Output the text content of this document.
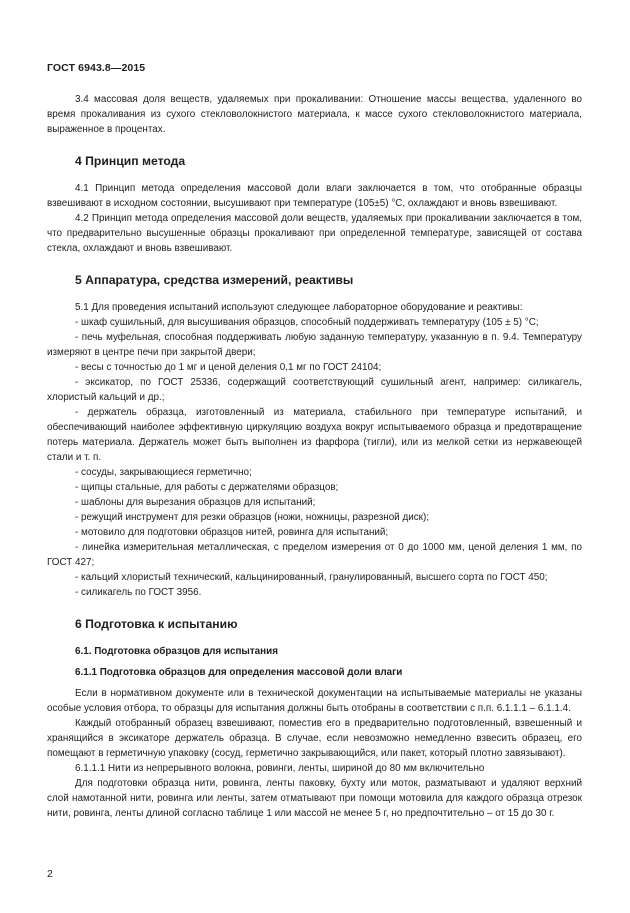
ГОСТ 6943.8—2015

3.4 массовая доля веществ, удаляемых при прокаливании: Отношение массы вещества, удаленного во время прокаливания из сухого стекловолокнистого материала, к массе сухого стекловолокнистого материала, выраженное в процентах.

4 Принцип метода

4.1 Принцип метода определения массовой доли влаги заключается в том, что отобранные образцы взвешивают в исходном состоянии, высушивают при температуре (105±5) °С, охлаждают и вновь взвешивают.

4.2 Принцип метода определения массовой доли веществ, удаляемых при прокаливании заключается в том, что предварительно высушенные образцы прокаливают при определенной температуре, зависящей от состава стекла, охлаждают и вновь взвешивают.

5 Аппаратура, средства измерений, реактивы

5.1 Для проведения испытаний используют следующее лабораторное оборудование и реактивы:

- шкаф сушильный, для высушивания образцов, способный поддерживать температуру (105 ± 5) °С;

- печь муфельная, способная поддерживать любую заданную температуру, указанную в п. 9.4. Температуру измеряют в центре печи при закрытой двери;

- весы с точностью до 1 мг и ценой деления 0,1 мг по ГОСТ 24104;

- эксикатор, по ГОСТ 25336, содержащий соответствующий сушильный агент, например: силикагель, хлористый кальций и др.;

- держатель образца, изготовленный из материала, стабильного при температуре испытаний, и обеспечивающий наиболее эффективную циркуляцию воздуха вокруг испытываемого образца и предотвращение потерь материала. Держатель может быть выполнен из фарфора (тигли), или из мелкой сетки из нержавеющей стали и т. п.

- сосуды, закрывающиеся герметично;

- щипцы стальные, для работы с держателями образцов;

- шаблоны для вырезания образцов для испытаний;

- режущий инструмент для резки образцов (ножи, ножницы, разрезной диск);

- мотовило для подготовки образцов нитей, ровинга для испытаний;

- линейка измерительная металлическая, с пределом измерения от 0 до 1000 мм, ценой деления 1 мм, по ГОСТ 427;

- кальций хлористый технический, кальцинированный, гранулированный, высшего сорта по ГОСТ 450;

- силикагель по ГОСТ 3956.

6 Подготовка к испытанию
6.1. Подготовка образцов для испытания
6.1.1 Подготовка образцов для определения массовой доли влаги

Если в нормативном документе или в технической документации на испытываемые материалы не указаны особые условия отбора, то образцы для испытания должны быть отобраны в соответствии с п.п. 6.1.1.1 – 6.1.1.4.

Каждый отобранный образец взвешивают, поместив его в предварительно подготовленный, взвешенный и хранящийся в эксикаторе держатель образца. В случае, если невозможно немедленно взвесить образец, его помещают в герметичную упаковку (сосуд, герметично закрывающийся, или пакет, который плотно завязывают).

6.1.1.1 Нити из непрерывного волокна, ровинги, ленты, шириной до 80 мм включительно

Для подготовки образца нити, ровинга, ленты паковку, бухту или моток, разматывают и удаляют верхний слой намотанной нити, ровинга или ленты, затем отматывают при помощи мотовила для каждого образца отрезок нити, ровинга, ленты длиной согласно таблице 1 или массой не менее 5 г, но предпочтительно – от 15 до 30 г.

2
